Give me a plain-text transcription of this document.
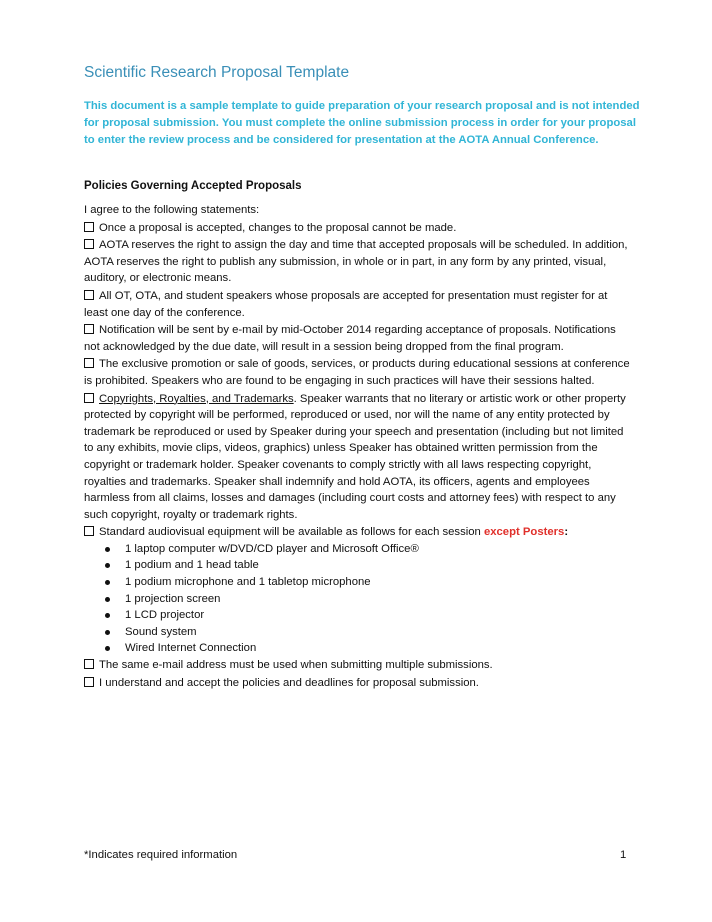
Scientific Research Proposal Template
This document is a sample template to guide preparation of your research proposal and is not intended for proposal submission. You must complete the online submission process in order for your proposal to enter the review process and be considered for presentation at the AOTA Annual Conference.
Policies Governing Accepted Proposals

I agree to the following statements:

Once a proposal is accepted, changes to the proposal cannot be made.

AOTA reserves the right to assign the day and time that accepted proposals will be scheduled. In addition, AOTA reserves the right to publish any submission, in whole or in part, in any form by any printed, visual, auditory, or electronic means.

All OT, OTA, and student speakers whose proposals are accepted for presentation must register for at least one day of the conference.

Notification will be sent by e-mail by mid-October 2014 regarding acceptance of proposals. Notifications not acknowledged by the due date, will result in a session being dropped from the final program.

The exclusive promotion or sale of goods, services, or products during educational sessions at conference is prohibited. Speakers who are found to be engaging in such practices will have their sessions halted.

Copyrights, Royalties, and Trademarks. Speaker warrants that no literary or artistic work or other property protected by copyright will be performed, reproduced or used, nor will the name of any entity protected by trademark be reproduced or used by Speaker during your speech and presentation (including but not limited to any exhibits, movie clips, videos, graphics) unless Speaker has obtained written permission from the copyright or trademark holder. Speaker covenants to comply strictly with all laws respecting copyright, royalties and trademarks. Speaker shall indemnify and hold AOTA, its officers, agents and employees harmless from all claims, losses and damages (including court costs and attorney fees) with respect to any such copyright, royalty or trademark rights.

Standard audiovisual equipment will be available as follows for each session except Posters:

1 laptop computer w/DVD/CD player and Microsoft Office®
1 podium and 1 head table
1 podium microphone and 1 tabletop microphone
1 projection screen
1 LCD projector
Sound system
Wired Internet Connection

The same e-mail address must be used when submitting multiple submissions.

I understand and accept the policies and deadlines for proposal submission.

*Indicates required information	1
